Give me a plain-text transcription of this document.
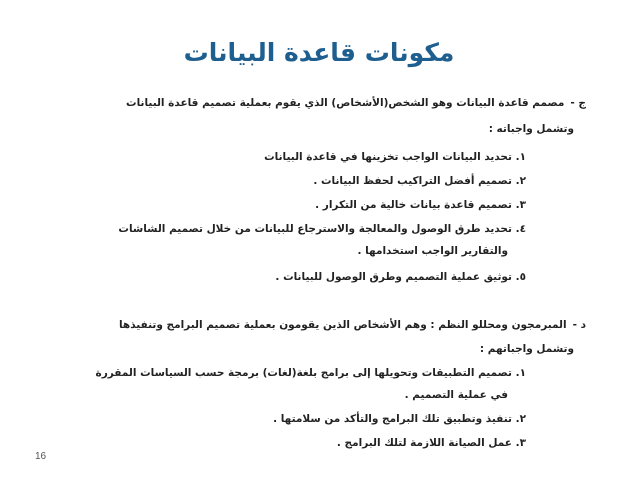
مكونات قاعدة البيانات
ج -مصمم قاعدة البيانات وهو الشخص(الأشخاص) الذي يقوم بعملية تصميم قاعدة البيانات
وتشمل واجباته :
١. تحديد البيانات الواجب تخزينها في قاعدة البيانات
٢. تصميم أفضل التراكيب لحفظ البيانات .
٣. تصميم قاعدة بيانات خالية من التكرار .
٤. تحديد طرق الوصول والمعالجة والاسترجاع للبيانات من خلال تصميم الشاشات
والتقارير الواجب استخدامها .
٥. توثيق عملية التصميم وطرق الوصول للبيانات .
د -المبرمجون ومحللو النظم : وهم الأشخاص الذين يقومون بعملية تصميم البرامج وتنفيذها
وتشمل واجباتهم :
١. تصميم التطبيقات وتحويلها إلى برامج بلغة(لغات) برمجة حسب السياسات المقررة
في عملية التصميم .
٢. تنفيذ وتطبيق تلك البرامج والتأكد من سلامتها .
٣. عمل الصيانة اللازمة لتلك البرامج .
16
